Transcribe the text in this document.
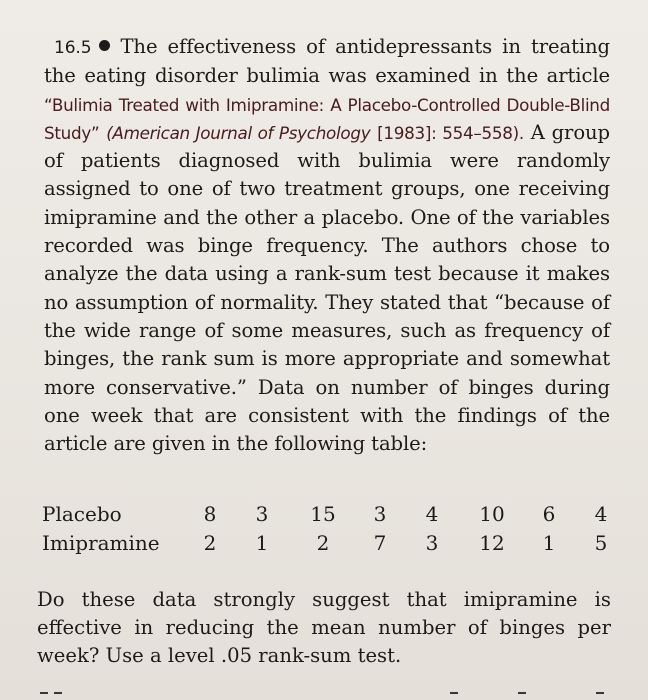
16.5 The effectiveness of antidepressants in treating the eating disorder bulimia was examined in the article “Bulimia Treated with Imipramine: A Placebo-Controlled Double-Blind Study” (American Journal of Psychology [1983]: 554–558). A group of patients diagnosed with bulimia were randomly assigned to one of two treatment groups, one receiving imipramine and the other a placebo. One of the variables recorded was binge frequency. The authors chose to analyze the data using a rank-sum test because it makes no assumption of normality. They stated that “because of the wide range of some measures, such as frequency of binges, the rank sum is more appropriate and somewhat more conservative.” Data on number of binges during one week that are consistent with the findings of the article are given in the following table:
Placebo	8	3	15	3	4	10	6	4
Imipramine	2	1	2	7	3	12	1	5
Do these data strongly suggest that imipramine is effective in reducing the mean number of binges per week? Use a level .05 rank-sum test.
